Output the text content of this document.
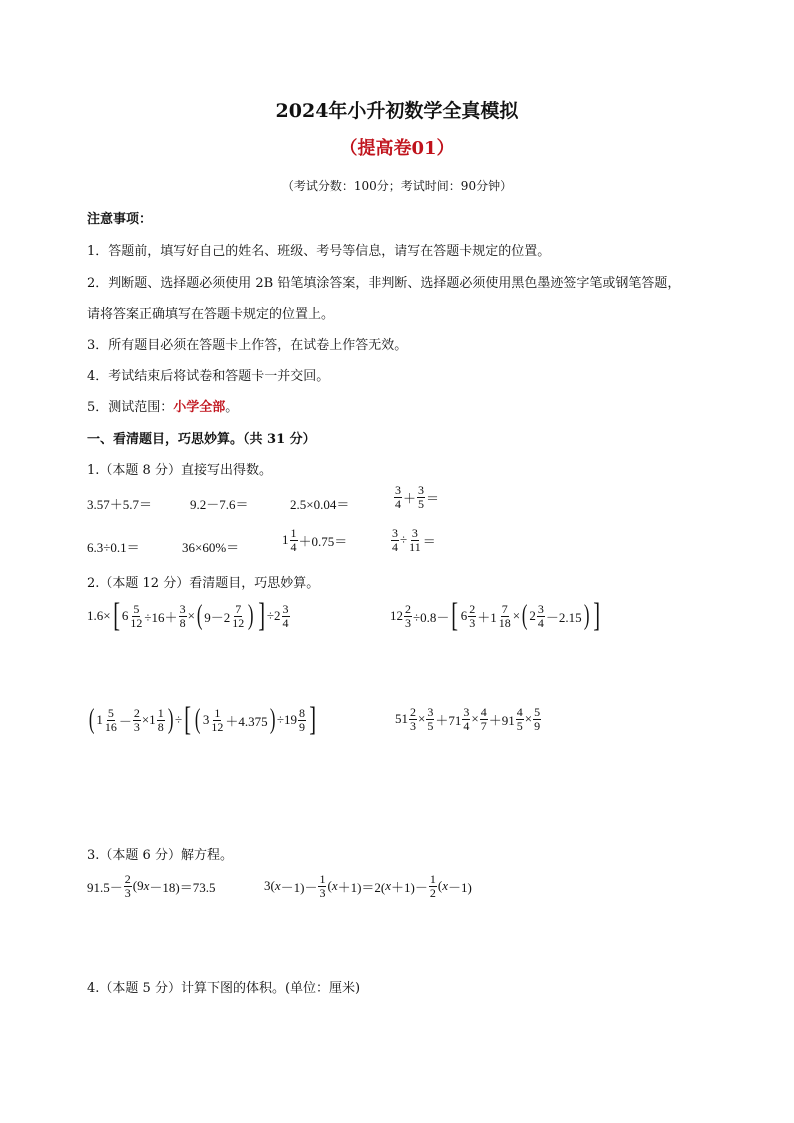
2024年小升初数学全真模拟
（提高卷01）
（考试分数：100分；考试时间：90分钟）
注意事项：
1．答题前，填写好自己的姓名、班级、考号等信息，请写在答题卡规定的位置。
2．判断题、选择题必须使用 2B 铅笔填涂答案，非判断、选择题必须使用黑色墨迹签字笔或钢笔答题，
请将答案正确填写在答题卡规定的位置上。
3．所有题目必须在答题卡上作答，在试卷上作答无效。
4．考试结束后将试卷和答题卡一并交回。
5．测试范围：小学全部。
一、看清题目，巧思妙算。（共 31 分）
1.（本题 8 分）直接写出得数。
3.57＋5.7＝	9.2－7.6＝	2.5×0.04＝	$\frac{3}{4} + \frac{3}{5}$ ＝
6.3÷0.1＝	36×60%＝
$1 \frac{1}{4} +0.75=$	$\frac{3}{4} \div \frac{3}{11}$ ＝
2.（本题 12 分）看清题目，巧思妙算。
1.6× [ $6 \frac{5}{12} \div 16+ \frac{3}{8}$ × ( $9-2 \frac{7}{12}$ ) ] $\div 2 \frac{3}{4}$	$12 \frac{2}{3} \div 0.8-$ [ $6 \frac{2}{3} +1 \frac{7}{18}$ × ( $2 \frac{3}{4} -2.15$ ) ]
( $1 \frac{5}{16} - \frac{2}{3} \times 1 \frac{1}{8}$ ) ÷ [ ( $3 \frac{1}{12} +4.375$ ) $\div 19 \frac{8}{9}$ ]	$51 \frac{2}{3} \times \frac{3}{5} +71 \frac{3}{4} \times \frac{4}{7} +91 \frac{4}{5} \times \frac{5}{9}$
3.（本题 6 分）解方程。
$91.5- \frac{2}{3} (9$ x －18)＝73.5	3( $x -1)- \frac{1}{3}$ ( x ＋1)＝2( $x +1)- \frac{1}{2}$ ( x －1)
4.（本题 5 分）计算下图的体积。(单位：厘米)
